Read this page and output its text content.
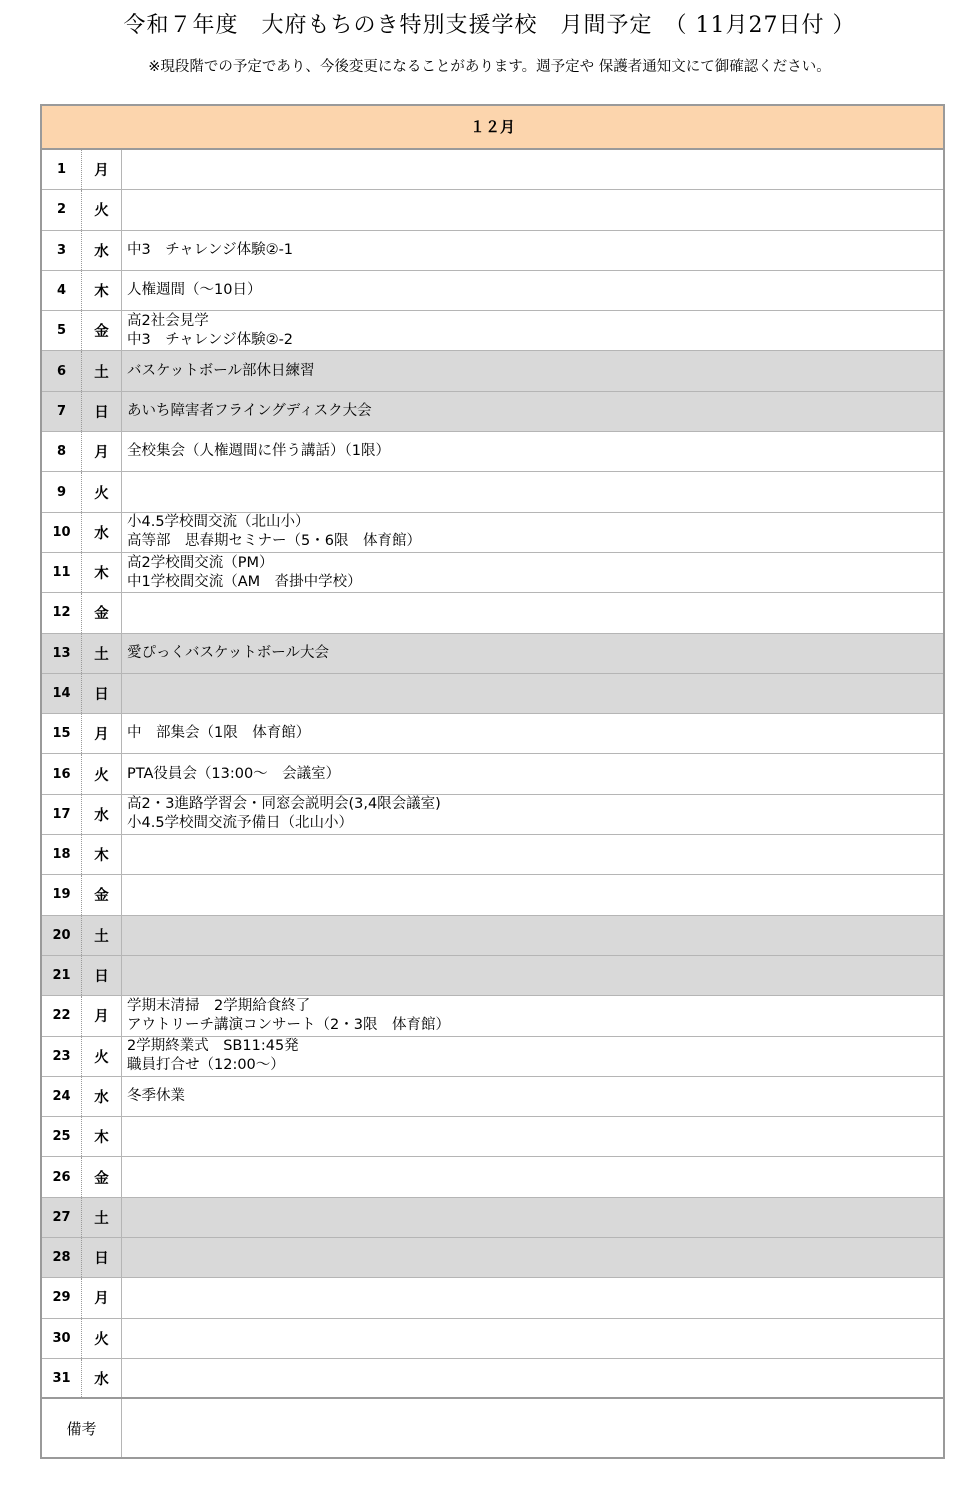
令和７年度　大府もちのき特別支援学校　月間予定　（ 11月27日付 ）
※現段階での予定であり、今後変更になることがあります。週予定や 保護者通知文にて御確認ください。
１２月
1	月
2	火
3	水	中3　チャレンジ体験②-1
4	木	人権週間（～10日）
5	金
高2社会見学
中3　チャレンジ体験②-2
6	土	バスケットボール部休日練習
7	日	あいち障害者フライングディスク大会
8	月	全校集会（人権週間に伴う講話）（1限）
9	火
10	水
小4.5学校間交流（北山小）
高等部　思春期セミナー（5・6限　体育館）
11	木
高2学校間交流（PM）
中1学校間交流（AM　沓掛中学校）
12	金
13	土	愛ぴっくバスケットボール大会
14	日
15	月	中　部集会（1限　体育館）
16	火	PTA役員会（13:00～　会議室）
17	水
高2・3進路学習会・同窓会説明会(3,4限会議室)
小4.5学校間交流予備日（北山小）
18	木
19	金
20	土
21	日
22	月
学期末清掃　2学期給食終了
アウトリーチ講演コンサート（2・3限　体育館）
23	火
2学期終業式　SB11:45発
職員打合せ（12:00～）
24	水	冬季休業
25	木
26	金
27	土
28	日
29	月
30	火
31	水
備考
